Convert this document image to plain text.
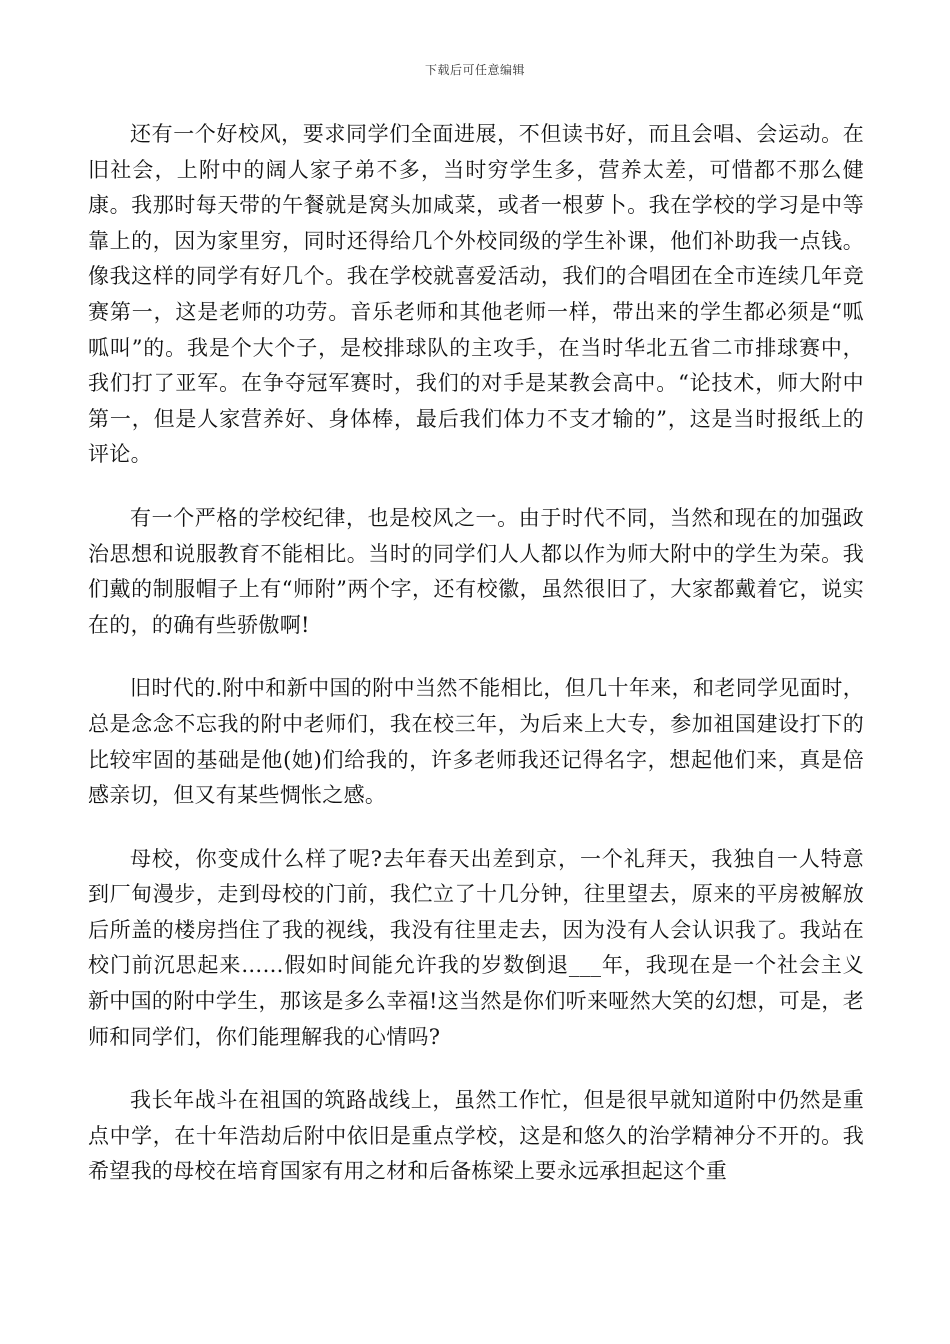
下载后可任意编辑

还有一个好校风，要求同学们全面进展，不但读书好，而且会唱、会运动。在旧社会，上附中的阔人家子弟不多，当时穷学生多，营养太差，可惜都不那么健康。我那时每天带的午餐就是窝头加咸菜，或者一根萝卜。我在学校的学习是中等靠上的，因为家里穷，同时还得给几个外校同级的学生补课，他们补助我一点钱。像我这样的同学有好几个。我在学校就喜爱活动，我们的合唱团在全市连续几年竞赛第一，这是老师的功劳。音乐老师和其他老师一样，带出来的学生都必须是“呱呱叫”的。我是个大个子，是校排球队的主攻手，在当时华北五省二市排球赛中，我们打了亚军。在争夺冠军赛时，我们的对手是某教会高中。“论技术，师大附中第一，但是人家营养好、身体棒，最后我们体力不支才输的”，这是当时报纸上的评论。

有一个严格的学校纪律，也是校风之一。由于时代不同，当然和现在的加强政治思想和说服教育不能相比。当时的同学们人人都以作为师大附中的学生为荣。我们戴的制服帽子上有“师附”两个字，还有校徽，虽然很旧了，大家都戴着它，说实在的，的确有些骄傲啊!

旧时代的.附中和新中国的附中当然不能相比，但几十年来，和老同学见面时，总是念念不忘我的附中老师们，我在校三年，为后来上大专，参加祖国建设打下的比较牢固的基础是他(她)们给我的，许多老师我还记得名字，想起他们来，真是倍感亲切，但又有某些惆怅之感。

母校，你变成什么样了呢?去年春天出差到京，一个礼拜天，我独自一人特意到厂甸漫步，走到母校的门前，我伫立了十几分钟，往里望去，原来的平房被解放后所盖的楼房挡住了我的视线，我没有往里走去，因为没有人会认识我了。我站在校门前沉思起来……假如时间能允许我的岁数倒退___年，我现在是一个社会主义新中国的附中学生，那该是多么幸福!这当然是你们听来哑然大笑的幻想，可是，老师和同学们，你们能理解我的心情吗?

我长年战斗在祖国的筑路战线上，虽然工作忙，但是很早就知道附中仍然是重点中学，在十年浩劫后附中依旧是重点学校，这是和悠久的治学精神分不开的。我希望我的母校在培育国家有用之材和后备栋梁上要永远承担起这个重
